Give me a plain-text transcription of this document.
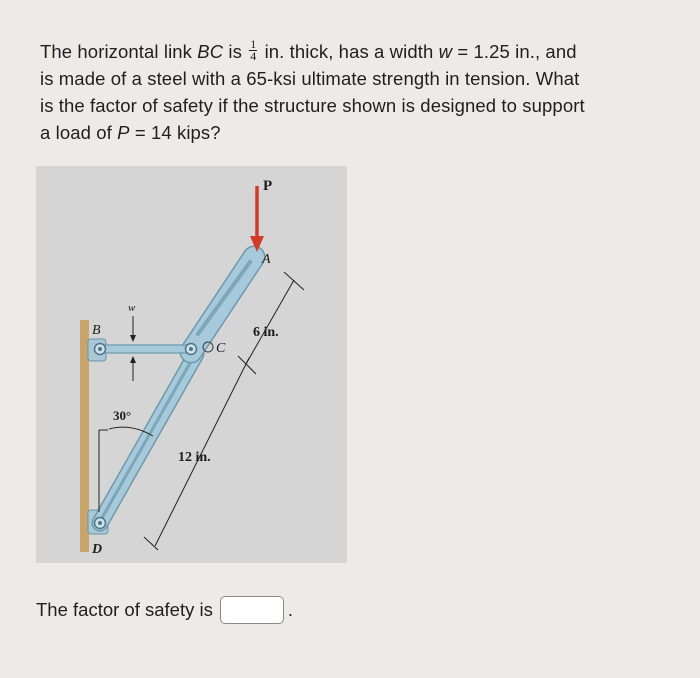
The horizontal link BC is $\frac{1}{4}$ in. thick, has a width w = 1.25 in., and
is made of a steel with a 65-ksi ultimate strength in tension. What
is the factor of safety if the structure shown is designed to support
a load of P = 14 kips?
P
A
B
C
D
w
6 in.
12 in.
30°
The factor of safety is	.
